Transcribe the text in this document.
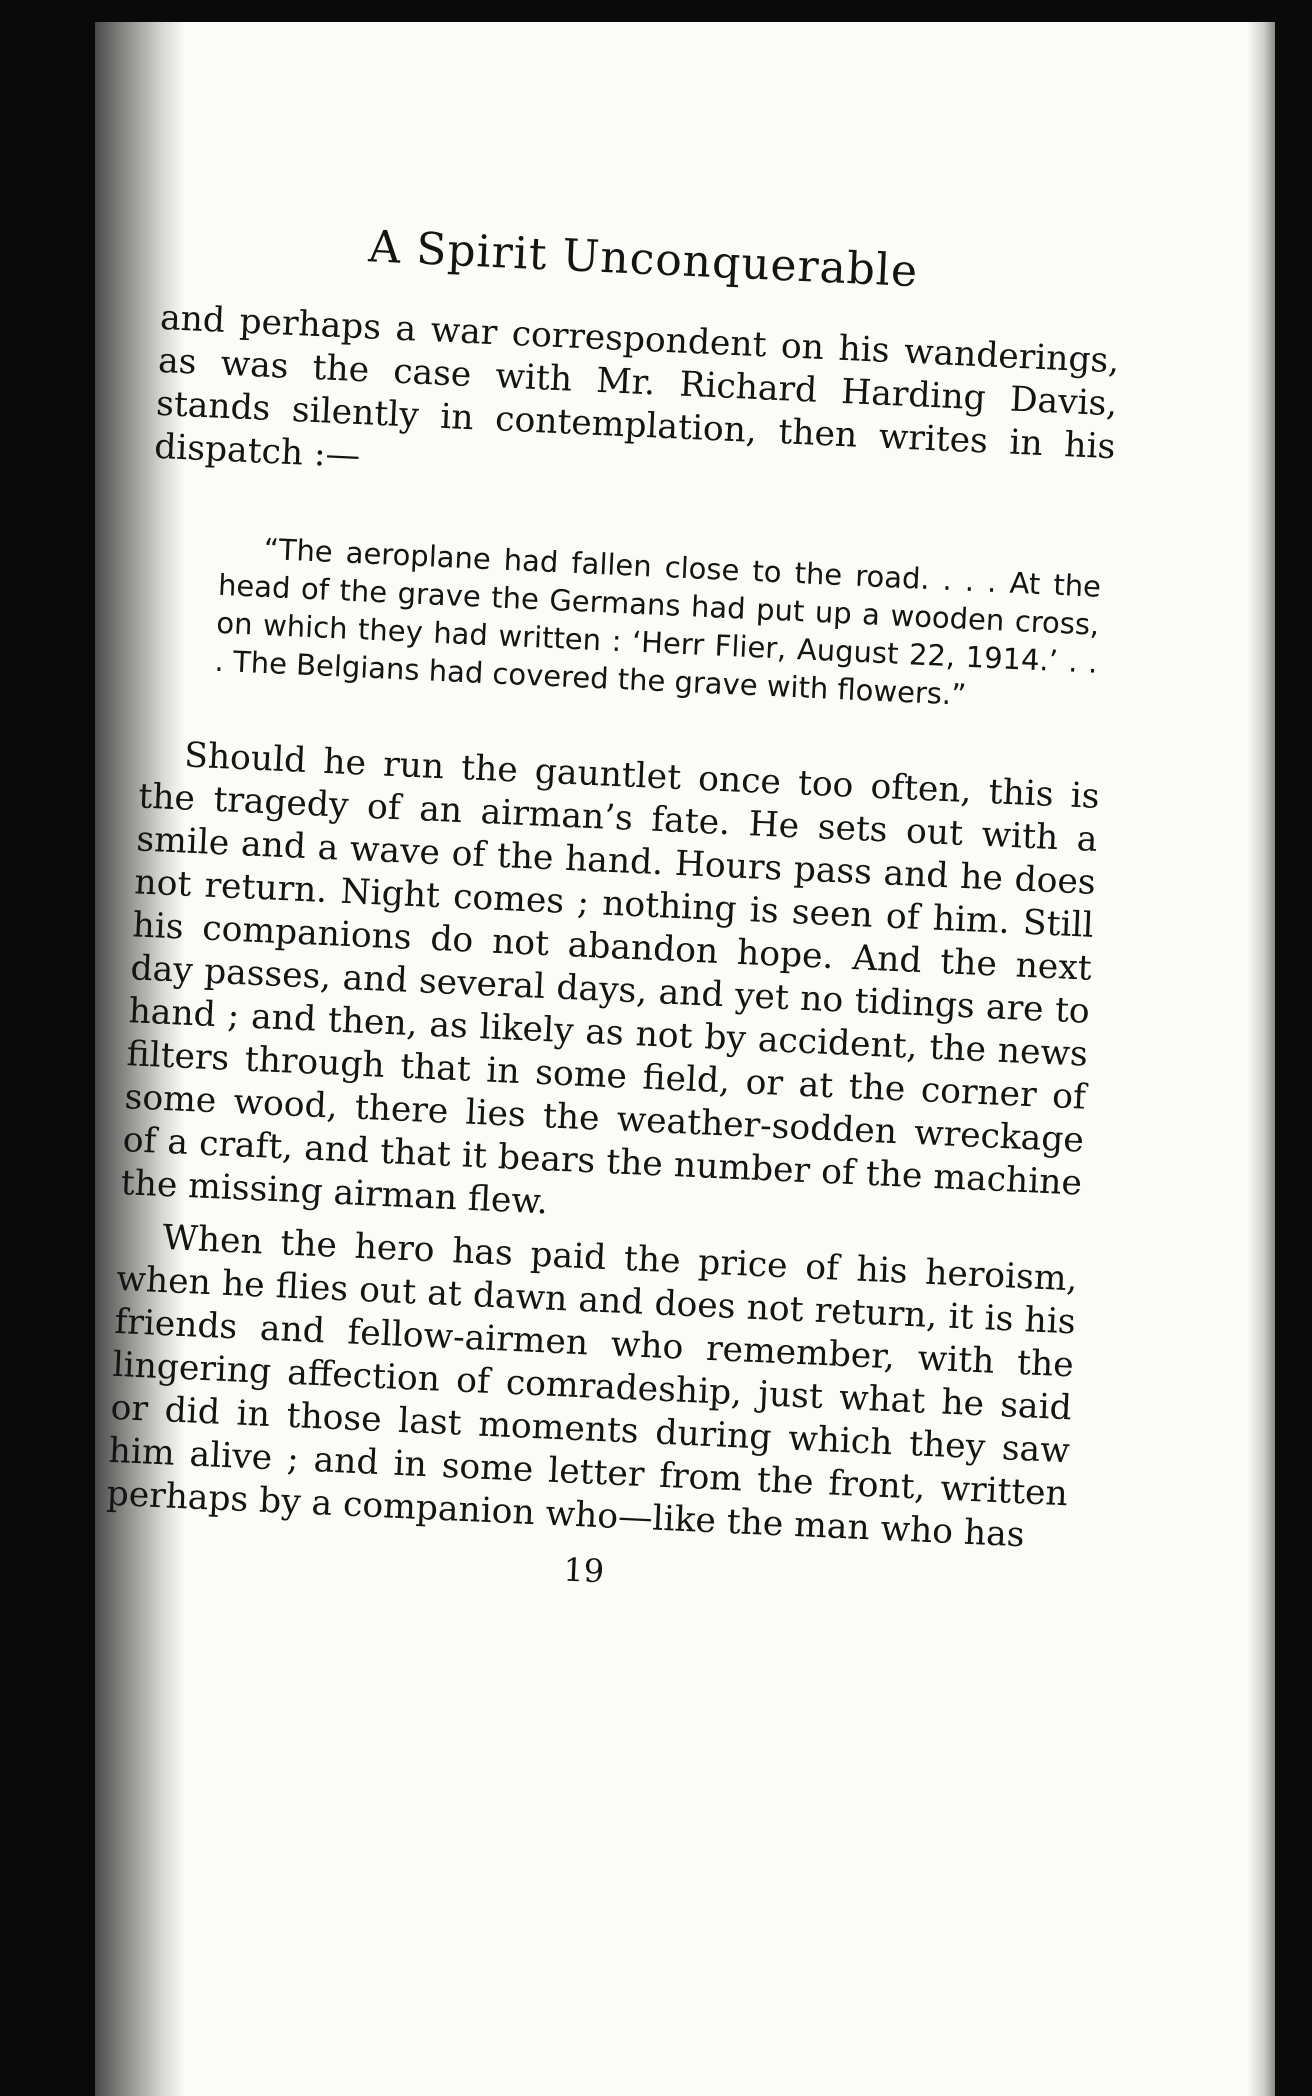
A Spirit Unconquerable

and perhaps a war correspondent on his wanderings, as was the case with Mr. Richard Harding Davis, stands silently in contemplation, then writes in his dispatch :—

“The aeroplane had fallen close to the road. . . . At the head of the grave the Germans had put up a wooden cross, on which they had written : ‘Herr Flier, August 22, 1914.’ . . . The Belgians had covered the grave with flowers.”

Should he run the gauntlet once too often, this is the tragedy of an airman’s fate. He sets out with a smile and a wave of the hand. Hours pass and he does not return. Night comes ; nothing is seen of him. Still his companions do not abandon hope. And the next day passes, and several days, and yet no tidings are to hand ; and then, as likely as not by accident, the news filters through that in some field, or at the corner of some wood, there lies the weather-sodden wreckage of a craft, and that it bears the number of the machine the missing airman flew.

When the hero has paid the price of his heroism, when he flies out at dawn and does not return, it is his friends and fellow-airmen who remember, with the lingering affection of comradeship, just what he said or did in those last moments during which they saw him alive ; and in some letter from the front, written perhaps by a companion who—like the man who has

19
